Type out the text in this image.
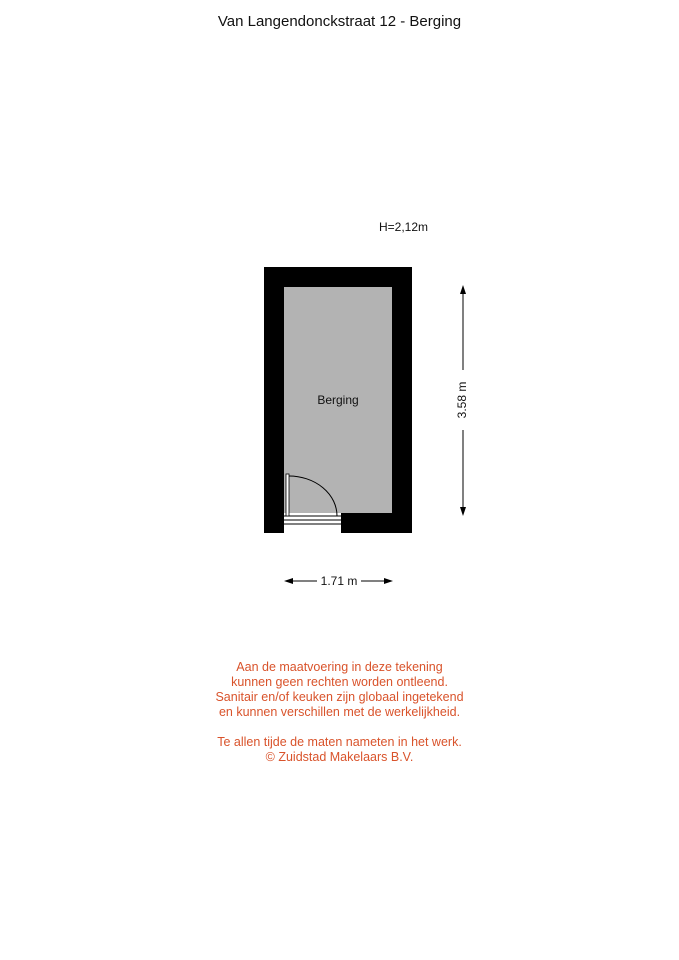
Van Langendonckstraat 12 - Berging
H=2,12m
Berging	3.58 m
1.71 m
Aan de maatvoering in deze tekening
kunnen geen rechten worden ontleend.
Sanitair en/of keuken zijn globaal ingetekend
en kunnen verschillen met de werkelijkheid.
Te allen tijde de maten nameten in het werk.
© Zuidstad Makelaars B.V.
